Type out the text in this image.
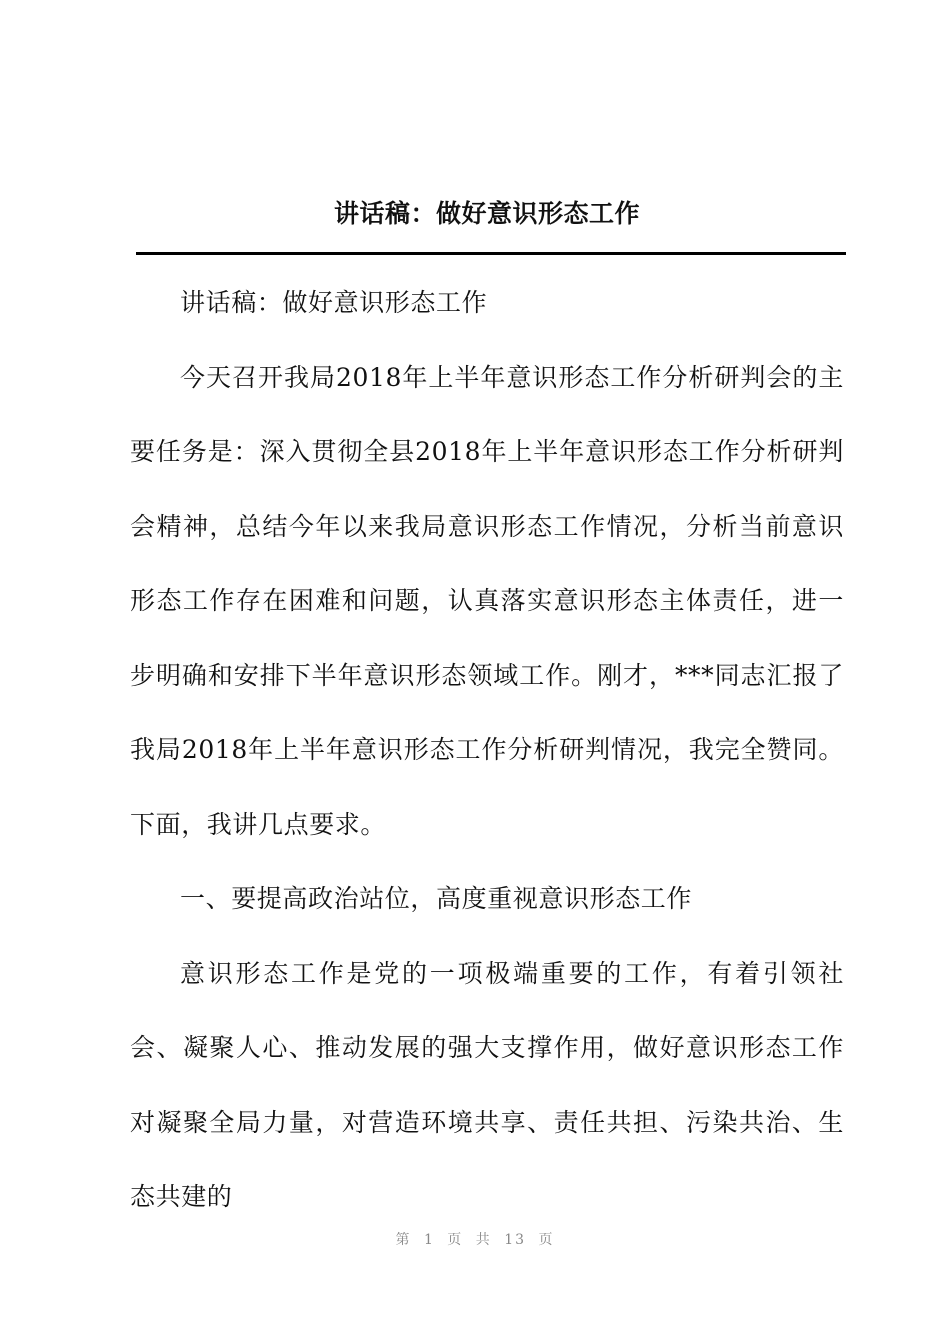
讲话稿：做好意识形态工作

讲话稿：做好意识形态工作

今天召开我局2018年上半年意识形态工作分析研判会的主要任务是：深入贯彻全县2018年上半年意识形态工作分析研判会精神，总结今年以来我局意识形态工作情况，分析当前意识形态工作存在困难和问题，认真落实意识形态主体责任，进一步明确和安排下半年意识形态领域工作。刚才，***同志汇报了我局2018年上半年意识形态工作分析研判情况，我完全赞同。下面，我讲几点要求。

一、要提高政治站位，高度重视意识形态工作

意识形态工作是党的一项极端重要的工作，有着引领社会、凝聚人心、推动发展的强大支撑作用，做好意识形态工作对凝聚全局力量，对营造环境共享、责任共担、污染共治、生态共建的

第 1 页 共 13 页
